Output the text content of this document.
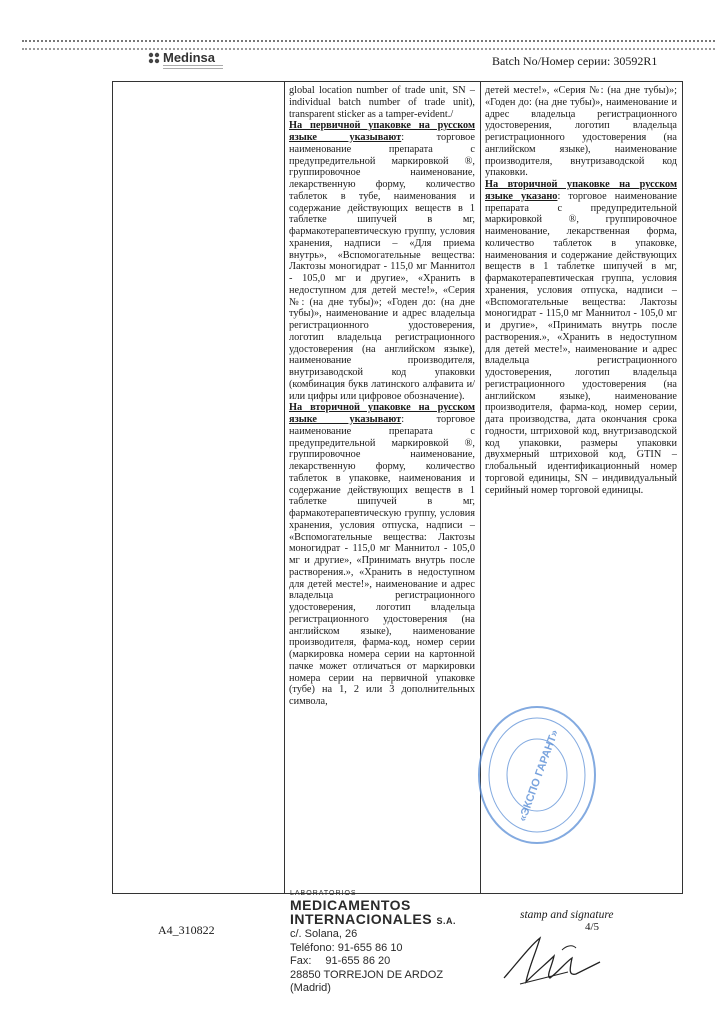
Medinsa	Batch No/Номер серии: 30592R1

global location number of trade unit, SN – individual batch number of trade unit), transparent sticker as a tamper-evident./

На первичной упаковке на русском языке указывают: торговое наименование препарата с предупредительной маркировкой ®, группировочное наименование, лекарственную форму, количество таблеток в тубе, наименования и содержание действующих веществ в 1 таблетке шипучей в мг, фармакотерапевтическую группу, условия хранения, надписи – «Для приема внутрь», «Вспомогательные вещества: Лактозы моногидрат - 115,0 мг Маннитол - 105,0 мг и другие», «Хранить в недоступном для детей месте!», «Серия №: (на дне тубы)»; «Годен до: (на дне тубы)», наименование и адрес владельца регистрационного удостоверения, логотип владельца регистрационного удостоверения (на английском языке), наименование производителя, внутризаводской код упаковки (комбинация букв латинского алфавита и/или цифры или цифровое обозначение).

На вторичной упаковке на русском языке указывают: торговое наименование препарата с предупредительной маркировкой ®, группировочное наименование, лекарственную форму, количество таблеток в упаковке, наименования и содержание действующих веществ в 1 таблетке шипучей в мг, фармакотерапевтическую группу, условия хранения, условия отпуска, надписи – «Вспомогательные вещества: Лактозы моногидрат - 115,0 мг Маннитол - 105,0 мг и другие», «Принимать внутрь после растворения.», «Хранить в недоступном для детей месте!», наименование и адрес владельца регистрационного удостоверения, логотип владельца регистрационного удостоверения (на английском языке), наименование производителя, фарма-код, номер серии (маркировка номера серии на картонной пачке может отличаться от маркировки номера серии на первичной упаковке (тубе) на 1, 2 или 3 дополнительных символа,

детей месте!», «Серия №: (на дне тубы)»; «Годен до: (на дне тубы)», наименование и адрес владельца регистрационного удостоверения, логотип владельца регистрационного удостоверения (на английском языке), наименование производителя, внутризаводской код упаковки.

На вторичной упаковке на русском языке указано: торговое наименование препарата с предупредительной маркировкой ®, группировочное наименование, лекарственная форма, количество таблеток в упаковке, наименования и содержание действующих веществ в 1 таблетке шипучей в мг, фармакотерапевтическая группа, условия хранения, условия отпуска, надписи – «Вспомогательные вещества: Лактозы моногидрат - 115,0 мг Маннитол - 105,0 мг и другие», «Принимать внутрь после растворения.», «Хранить в недоступном для детей месте!», наименование и адрес владельца регистрационного удостоверения, логотип владельца регистрационного удостоверения (на английском языке), наименование производителя, фарма-код, номер серии, дата производства, дата окончания срока годности, штриховой код, внутризаводской код упаковки, размеры упаковки двухмерный штриховой код, GTIN – глобальный идентификационный номер торговой единицы, SN – индивидуальный серийный номер торговой единицы.

«ЭКСПО ГАРАНТ»
A4_310822
LABORATORIOS
MEDICAMENTOS
INTERNACIONALES S.A.
c/. Solana, 26
Teléfono: 91-655 86 10
Fax: 91-655 86 20
28850 TORREJON DE ARDOZ (Madrid)
stamp and signature
4/5
